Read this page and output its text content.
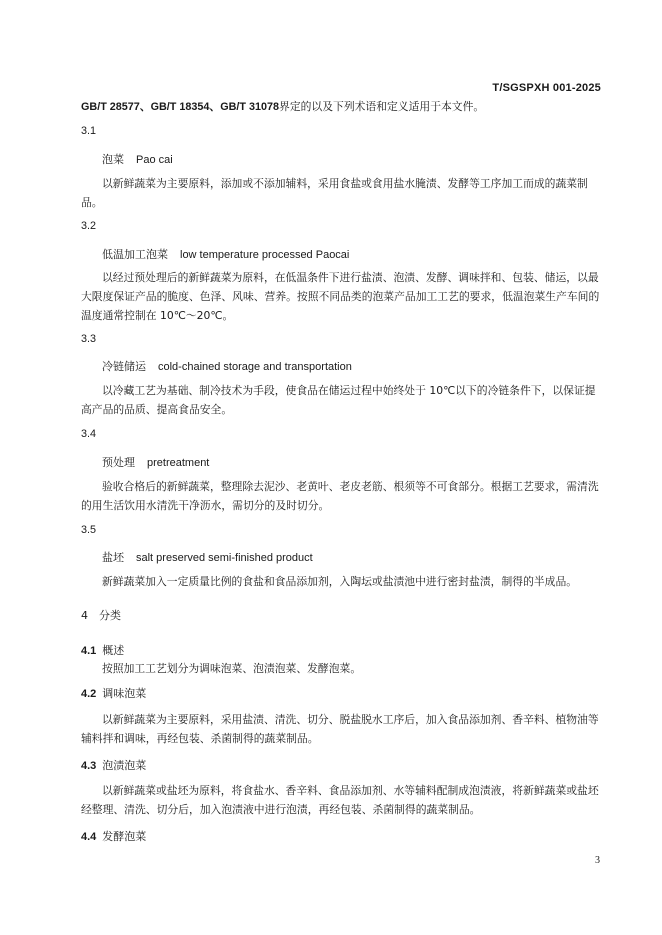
T/SGSPXH 001-2025
GB/T 28577、GB/T 18354、GB/T 31078界定的以及下列术语和定义适用于本文件。
3.1
泡菜 Pao cai
以新鲜蔬菜为主要原料，添加或不添加辅料，采用食盐或食用盐水腌渍、发酵等工序加工而成的蔬菜制品。
3.2
低温加工泡菜 low temperature processed Paocai
以经过预处理后的新鲜蔬菜为原料，在低温条件下进行盐渍、泡渍、发酵、调味拌和、包装、储运，以最大限度保证产品的脆度、色泽、风味、营养。按照不同品类的泡菜产品加工工艺的要求，低温泡菜生产车间的温度通常控制在 10℃～20℃。
3.3
冷链储运 cold-chained storage and transportation
以冷藏工艺为基础、制冷技术为手段，使食品在储运过程中始终处于 10℃以下的冷链条件下，以保证提高产品的品质、提高食品安全。
3.4
预处理 pretreatment
验收合格后的新鲜蔬菜，整理除去泥沙、老黄叶、老皮老筋、根须等不可食部分。根据工艺要求，需清洗的用生活饮用水清洗干净沥水，需切分的及时切分。
3.5
盐坯 salt preserved semi-finished product
新鲜蔬菜加入一定质量比例的食盐和食品添加剂，入陶坛或盐渍池中进行密封盐渍，制得的半成品。
4　分类
4.1 概述
按照加工工艺划分为调味泡菜、泡渍泡菜、发酵泡菜。
4.2 调味泡菜
以新鲜蔬菜为主要原料，采用盐渍、清洗、切分、脱盐脱水工序后，加入食品添加剂、香辛料、植物油等辅料拌和调味，再经包装、杀菌制得的蔬菜制品。
4.3 泡渍泡菜
以新鲜蔬菜或盐坯为原料，将食盐水、香辛料、食品添加剂、水等辅料配制成泡渍液，将新鲜蔬菜或盐坯经整理、清洗、切分后，加入泡渍液中进行泡渍，再经包装、杀菌制得的蔬菜制品。
4.4 发酵泡菜
3
